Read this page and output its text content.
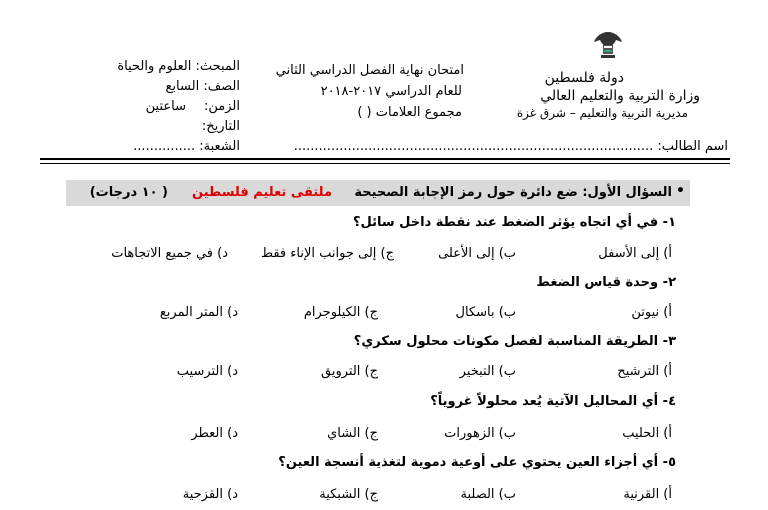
دولة فلسطين
وزارة التربية والتعليم العالي
مديرية التربية والتعليم – شرق غزة
امتحان نهاية الفصل الدراسي الثاني
للعام الدراسي ٢٠١٧-٢٠١٨
مجموع العلامات ( )
المبحث: العلوم والحياة
الصف: السابع
الزمن:
ساعتين
التاريخ:
الشعبة: ...............	اسم الطالب: .......................................................................................
•
السؤال الأول: ضع دائرة حول رمز الإجابة الصحيحة
ملتقى تعليم فلسطين
( ١٠ درجات)
١- في أي اتجاه يؤثر الضغط عند نقطة داخل سائل؟
أ) إلى الأسفل
ب) إلى الأعلى
ج) إلى جوانب الإناء فقط
د) في جميع الاتجاهات
٢- وحدة قياس الضغط
أ) نيوتن
ب) باسكال
ج) الكيلوجرام
د) المتر المربع
٣- الطريقة المناسبة لفصل مكونات محلول سكري؟
أ) الترشيح
ب) التبخير
ج) الترويق
د) الترسيب
٤- أي المحاليل الآتية يُعد محلولاً غروياً؟
أ) الحليب
ب) الزهورات
ج) الشاي
د) العطر
٥- أي أجزاء العين يحتوي على أوعية دموية لتغذية أنسجة العين؟
أ) القرنية
ب) الصلبة
ج) الشبكية
د) القزحية
